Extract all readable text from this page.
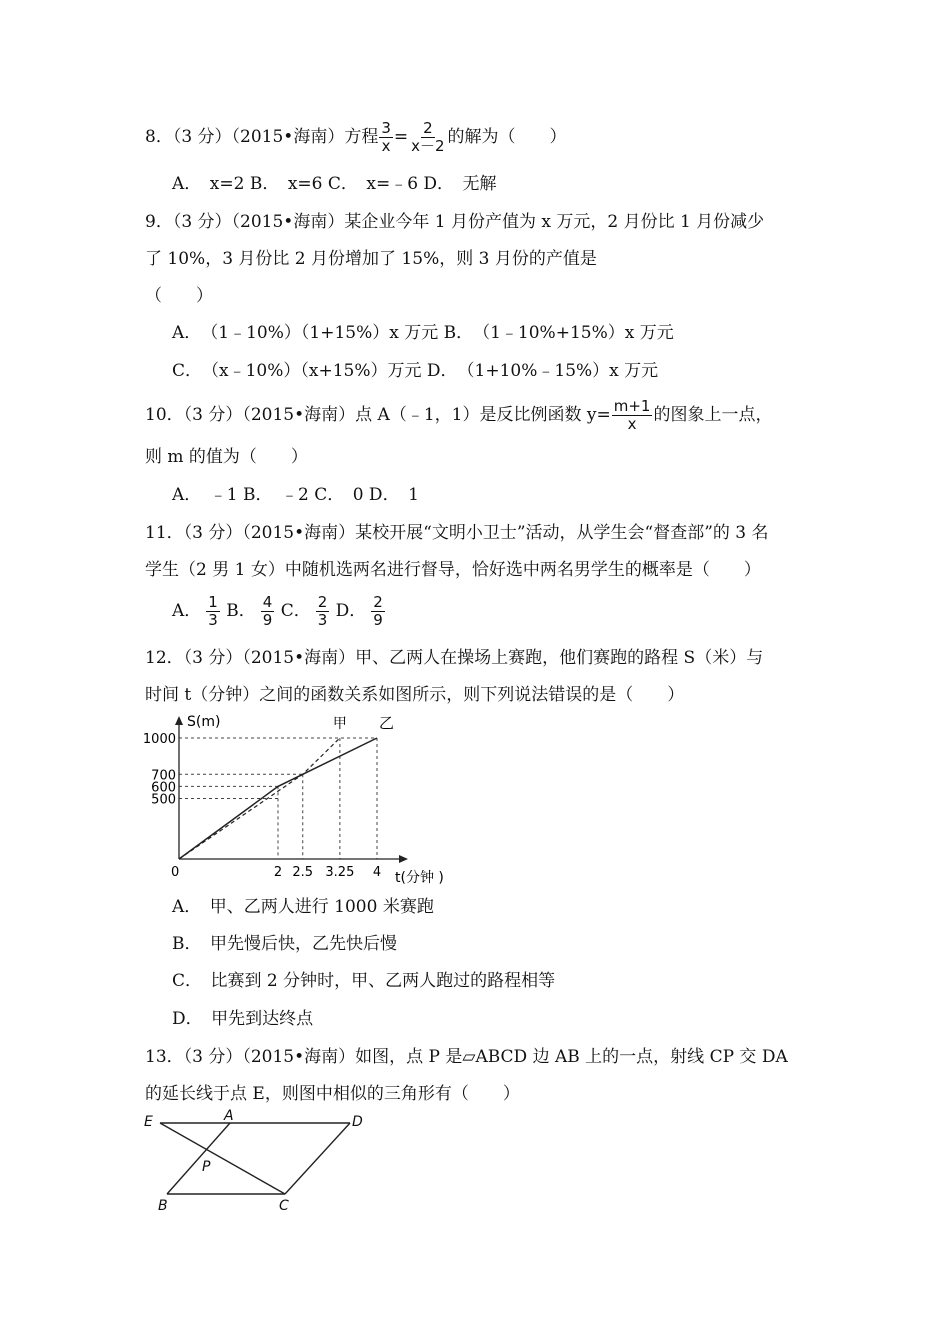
8．（3 分）（2015•海南）方程 $\frac{3}{x} = \frac{2}{x-2}$ 的解为（　　）
A．　x=2 B．　x=6 C．　x=﹣6 D．　无解
9．（3 分）（2015•海南）某企业今年 1 月份产值为 x 万元，2 月份比 1 月份减少
了 10%，3 月份比 2 月份增加了 15%，则 3 月份的产值是
（　　）
A．　（1﹣10%）（1+15%）x 万元 B．　（1﹣10%+15%）x 万元
C．　（x﹣10%）（x+15%）万元 D．　（1+10%﹣15%）x 万元
10．（3 分）（2015•海南）点 A（﹣1，1）是反比例函数 $y= \frac{m+1}{x}$ 的图象上一点，
则 m 的值为（　　）
A．　﹣1 B．　﹣2 C．　0 D．　1
11．（3 分）（2015•海南）某校开展“文明小卫士”活动，从学生会“督查部”的 3 名
学生（2 男 1 女）中随机选两名进行督导，恰好选中两名男学生的概率是（　　）
A． $\frac{1}{3}$ B． $\frac{4}{9}$ C． $\frac{2}{3}$ D． $\frac{2}{9}$
12．（3 分）（2015•海南）甲、乙两人在操场上赛跑，他们赛跑的路程 S（米）与
时间 t（分钟）之间的函数关系如图所示，则下列说法错误的是（　　）
S(m)
t(分钟 )
0
甲 乙
2 2.5 3.25 4
500
600
700
1000
A．　甲、乙两人进行 1000 米赛跑
B．　甲先慢后快，乙先快后慢
C．　比赛到 2 分钟时，甲、乙两人跑过的路程相等
D．　甲先到达终点
13．（3 分）（2015•海南）如图，点 P 是▱ABCD 边 AB 上的一点，射线 CP 交 DA
的延长线于点 E，则图中相似的三角形有（　　）
E	A	D
P
B	C
